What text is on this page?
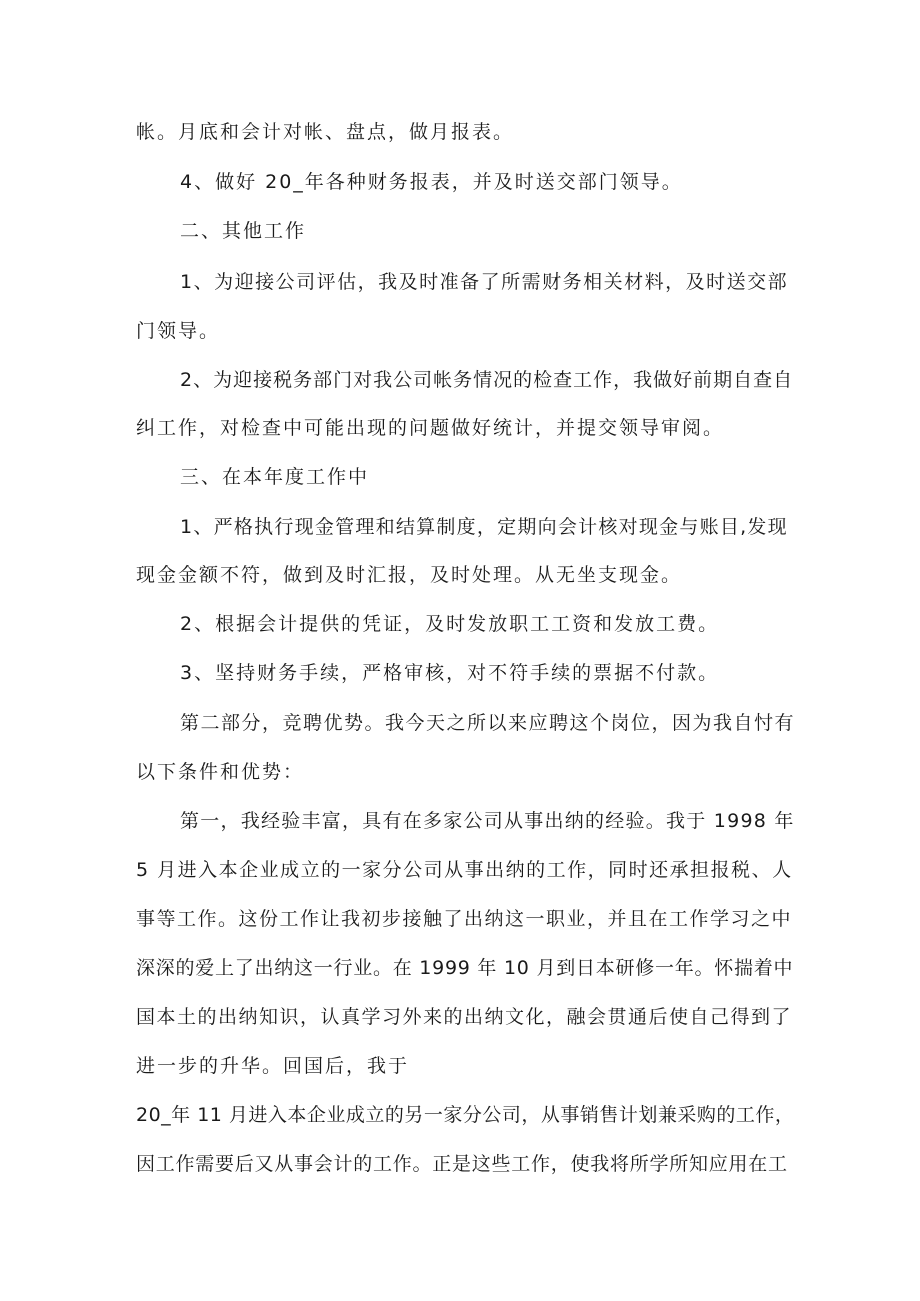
帐。月底和会计对帐、盘点，做月报表。
4、做好 20_年各种财务报表，并及时送交部门领导。
二、其他工作
1、为迎接公司评估，我及时准备了所需财务相关材料，及时送交部
门领导。
2、为迎接税务部门对我公司帐务情况的检查工作，我做好前期自查自
纠工作，对检查中可能出现的问题做好统计，并提交领导审阅。
三、在本年度工作中
1、严格执行现金管理和结算制度，定期向会计核对现金与账目,发现
现金金额不符，做到及时汇报，及时处理。从无坐支现金。
2、根据会计提供的凭证，及时发放职工工资和发放工费。
3、坚持财务手续，严格审核，对不符手续的票据不付款。
第二部分，竞聘优势。我今天之所以来应聘这个岗位，因为我自忖有
以下条件和优势：
第一，我经验丰富，具有在多家公司从事出纳的经验。我于 1998 年
5 月进入本企业成立的一家分公司从事出纳的工作，同时还承担报税、人
事等工作。这份工作让我初步接触了出纳这一职业，并且在工作学习之中
深深的爱上了出纳这一行业。在 1999 年 10 月到日本研修一年。怀揣着中
国本土的出纳知识，认真学习外来的出纳文化，融会贯通后使自己得到了
进一步的升华。回国后，我于
20_年 11 月进入本企业成立的另一家分公司，从事销售计划兼采购的工作，
因工作需要后又从事会计的工作。正是这些工作，使我将所学所知应用在工
